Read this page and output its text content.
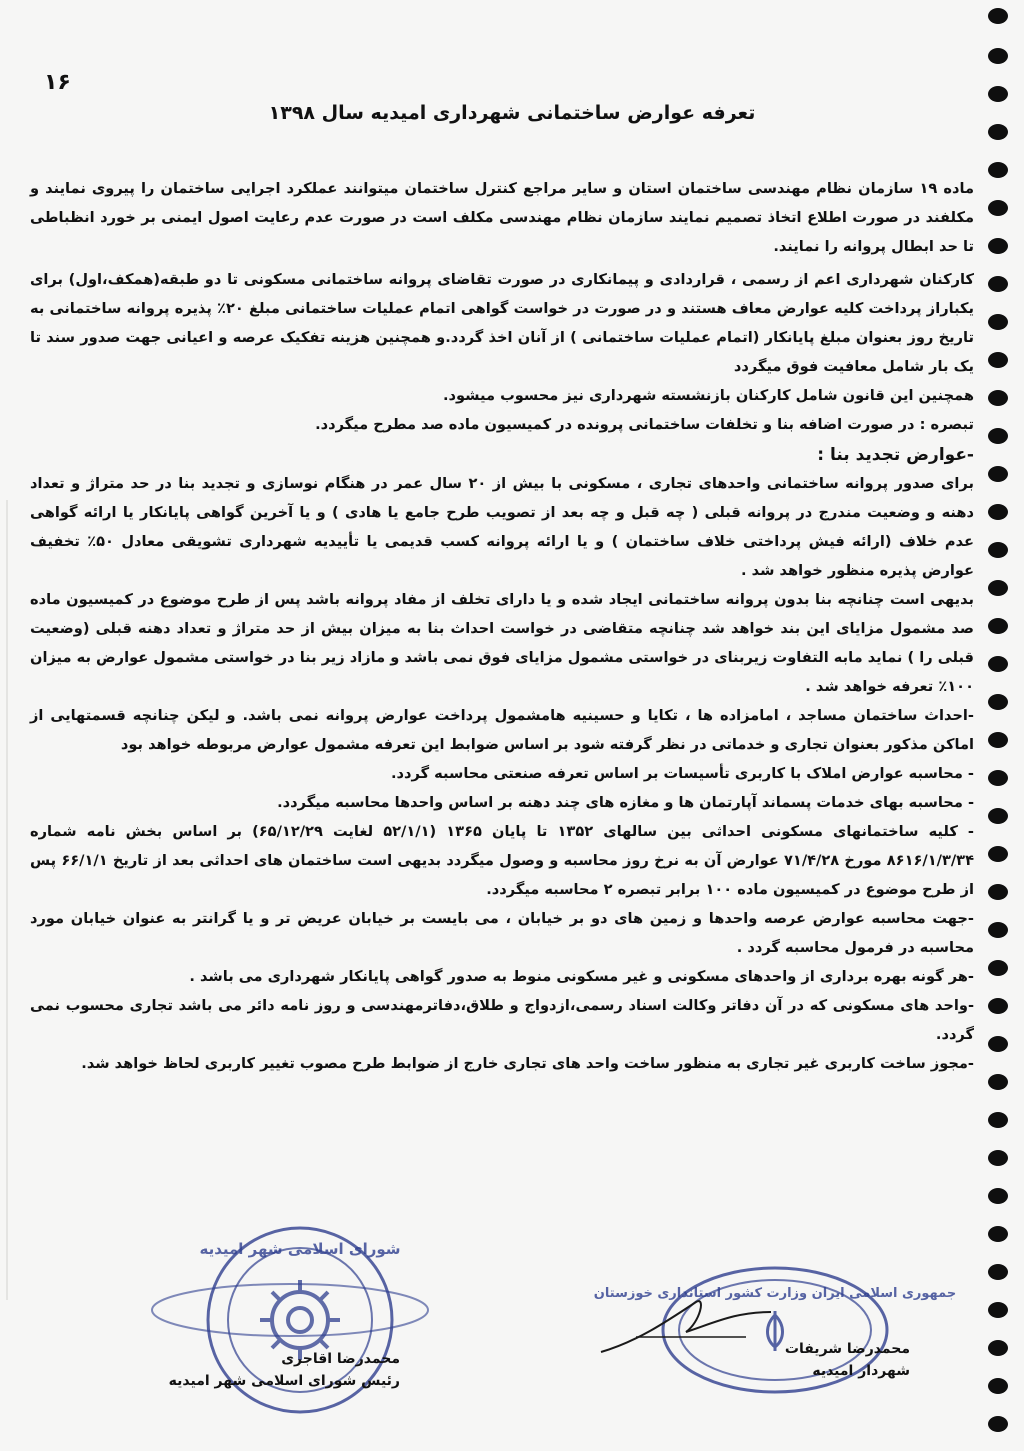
۱۶
تعرفه عوارض ساختمانی شهرداری امیدیه سال ۱۳۹۸

ماده ۱۹ سازمان نظام مهندسی ساختمان استان و سایر مراجع کنترل ساختمان میتوانند عملکرد اجرایی ساختمان را پیروی نمایند و مکلفند در صورت اطلاع اتخاذ تصمیم نمایند سازمان نظام مهندسی مکلف است در صورت عدم رعایت اصول ایمنی بر خورد انظباطی تا حد ابطال پروانه را نمایند.

کارکنان شهرداری اعم از رسمی ، قراردادی و پیمانکاری در صورت تقاضای پروانه ساختمانی مسکونی تا دو طبقه(همکف،اول) برای یکباراز پرداخت کلیه عوارض معاف هستند و در صورت در خواست گواهی اتمام عملیات ساختمانی مبلغ ۲۰٪ پذیره پروانه ساختمانی به تاریخ روز بعنوان مبلغ پایانکار (اتمام عملیات ساختمانی ) از آنان اخذ گردد.و همچنین هزینه تفکیک عرصه و اعیانی جهت صدور سند تا یک بار شامل معافیت فوق میگردد

همچنین این قانون شامل کارکنان بازنشسته شهرداری نیز محسوب میشود.

تبصره : در صورت اضافه بنا و تخلفات ساختمانی پرونده در کمیسیون ماده صد مطرح میگردد.

-عوارض تجدید بنا :

برای صدور پروانه ساختمانی واحدهای تجاری ، مسکونی با بیش از ۲۰ سال عمر در هنگام نوسازی و تجدید بنا در حد متراژ و تعداد دهنه و وضعیت مندرج در پروانه قبلی ( چه قبل و چه بعد از تصویب طرح جامع یا هادی ) و یا آخرین گواهی پایانکار یا ارائه گواهی عدم خلاف (ارائه فیش پرداختی خلاف ساختمان ) و یا ارائه پروانه کسب قدیمی یا تأییدیه شهرداری تشویقی معادل ۵۰٪ تخفیف عوارض پذیره منظور خواهد شد .

بدیهی است چنانچه بنا بدون پروانه ساختمانی ایجاد شده و یا دارای تخلف از مفاد پروانه باشد پس از طرح موضوع در کمیسیون ماده صد مشمول مزایای این بند خواهد شد چنانچه متقاضی در خواست احداث بنا به میزان بیش از حد متراژ و تعداد دهنه قبلی (وضعیت قبلی را ) نماید مابه التفاوت زیربنای در خواستی مشمول مزایای فوق نمی باشد و مازاد زیر بنا در خواستی مشمول عوارض به میزان ۱۰۰٪ تعرفه خواهد شد .

-احداث ساختمان مساجد ، امامزاده ها ، تکایا و حسینیه هامشمول پرداخت عوارض پروانه نمی باشد. و لیکن چنانچه قسمتهایی از اماکن مذکور بعنوان تجاری و خدماتی در نظر گرفته شود بر اساس ضوابط این تعرفه مشمول عوارض مربوطه خواهد بود

- محاسبه عوارض املاک با کاربری تأسیسات بر اساس تعرفه صنعتی محاسبه گردد.

- محاسبه بهای خدمات پسماند آپارتمان ها و مغازه های چند دهنه بر اساس واحدها محاسبه میگردد.

- کلیه ساختمانهای مسکونی احداثی بین سالهای ۱۳۵۲ تا پایان ۱۳۶۵ (۵۲/۱/۱ لغایت ۶۵/۱۲/۲۹) بر اساس بخش نامه شماره ۸۶۱۶/۱/۳/۳۴ مورخ ۷۱/۴/۲۸ عوارض آن به نرخ روز محاسبه و وصول میگردد بدیهی است ساختمان های احداثی بعد از تاریخ ۶۶/۱/۱ پس از طرح موضوع در کمیسیون ماده ۱۰۰ برابر تبصره ۲ محاسبه میگردد.

-جهت محاسبه عوارض عرصه واحدها و زمین های دو بر خیابان ، می بایست بر خیابان عریض تر و یا گرانتر به عنوان خیابان مورد محاسبه در فرمول محاسبه گردد .

-هر گونه بهره برداری از واحدهای مسکونی و غیر مسکونی منوط به صدور گواهی پایانکار شهرداری می باشد .

-واحد های مسکونی که در آن دفاتر وکالت اسناد رسمی،ازدواج و طلاق،دفاترمهندسی و روز نامه دائر می باشد تجاری محسوب نمی گردد.

-مجوز ساخت کاربری غیر تجاری به منظور ساخت واحد های تجاری خارج از ضوابط طرح مصوب تغییر کاربری لحاظ خواهد شد.

شورای اسلامی شهر امیدیه
جمهوری اسلامی ایران وزارت کشور استانداری خوزستان
محمدرضا شریفات
شهردار امیدیه
محمدرضا اقاجری
رئیس شورای اسلامی شهر امیدیه
